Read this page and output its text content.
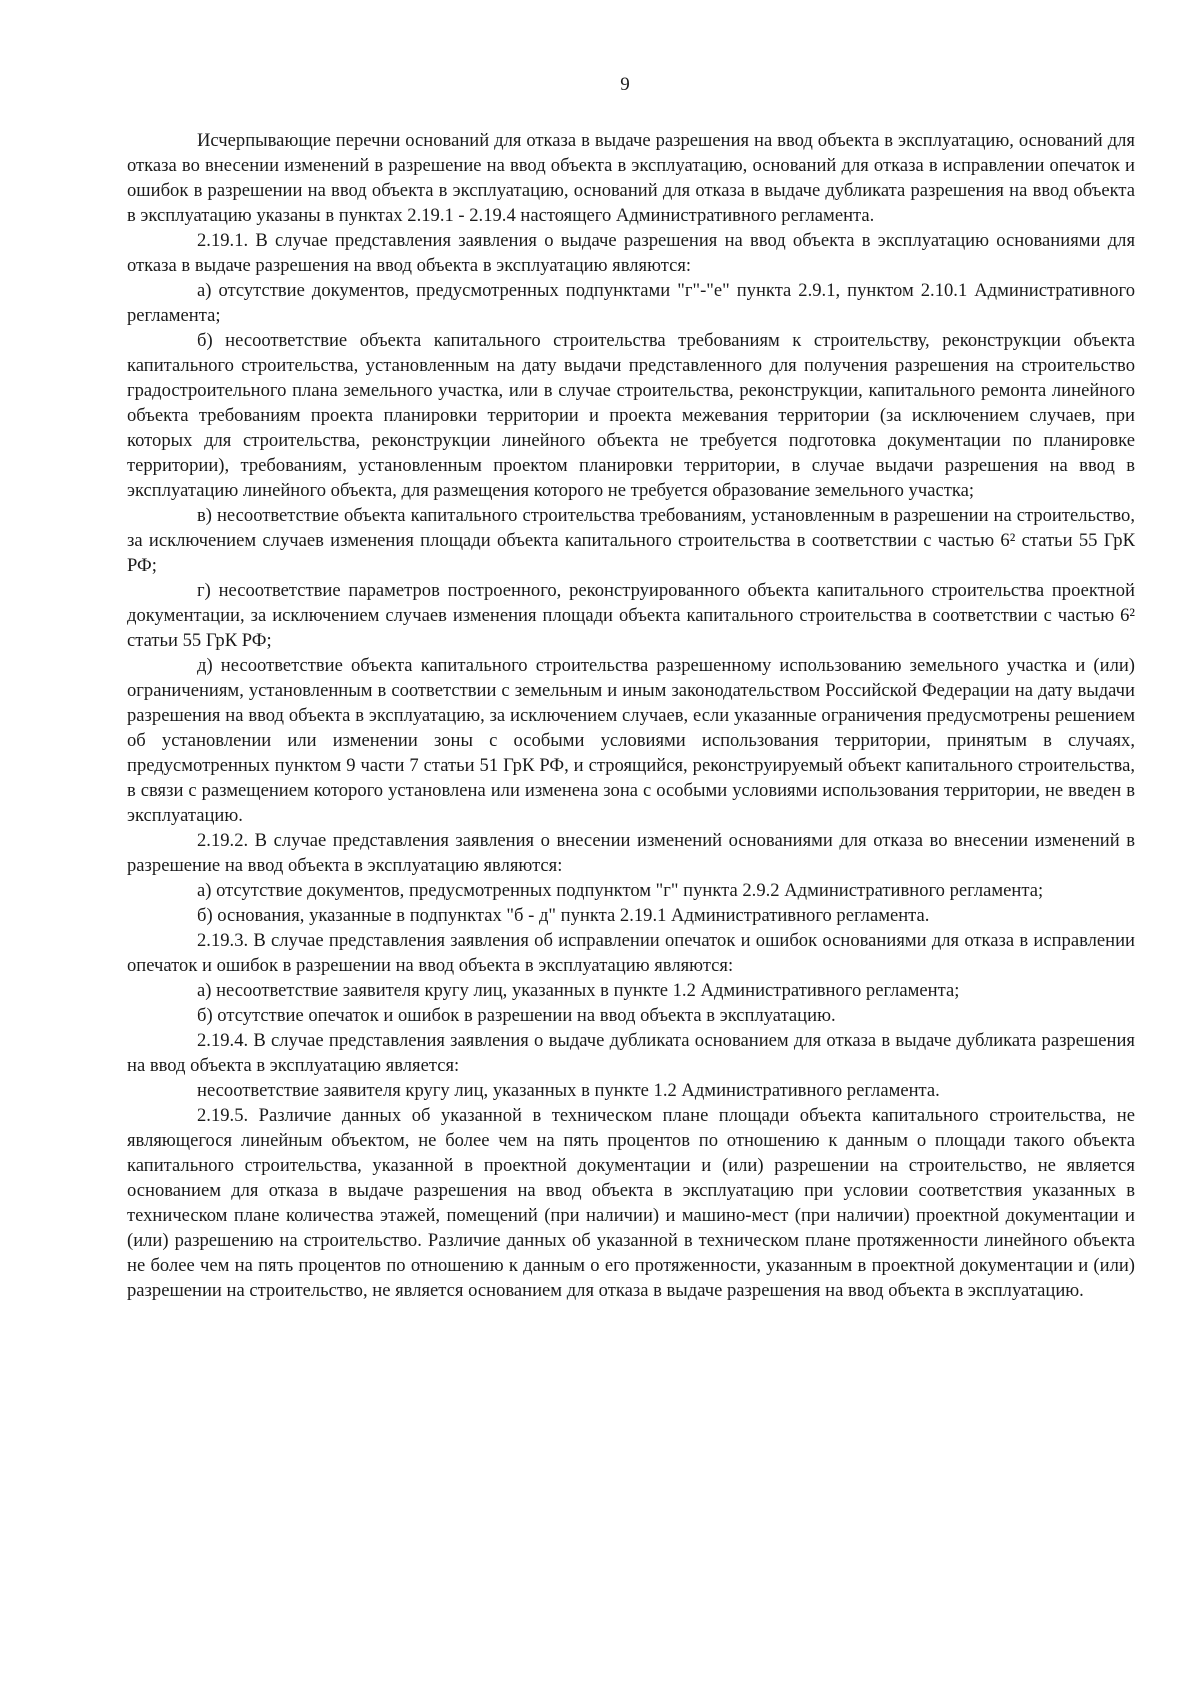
9

Исчерпывающие перечни оснований для отказа в выдаче разрешения на ввод объекта в эксплуатацию, оснований для отказа во внесении изменений в разрешение на ввод объекта в эксплуатацию, оснований для отказа в исправлении опечаток и ошибок в разрешении на ввод объекта в эксплуатацию, оснований для отказа в выдаче дубликата разрешения на ввод объекта в эксплуатацию указаны в пунктах 2.19.1 - 2.19.4 настоящего Административного регламента.

2.19.1. В случае представления заявления о выдаче разрешения на ввод объекта в эксплуатацию основаниями для отказа в выдаче разрешения на ввод объекта в эксплуатацию являются:

а) отсутствие документов, предусмотренных подпунктами "г"-"е" пункта 2.9.1, пунктом 2.10.1 Административного регламента;

б) несоответствие объекта капитального строительства требованиям к строительству, реконструкции объекта капитального строительства, установленным на дату выдачи представленного для получения разрешения на строительство градостроительного плана земельного участка, или в случае строительства, реконструкции, капитального ремонта линейного объекта требованиям проекта планировки территории и проекта межевания территории (за исключением случаев, при которых для строительства, реконструкции линейного объекта не требуется подготовка документации по планировке территории), требованиям, установленным проектом планировки территории, в случае выдачи разрешения на ввод в эксплуатацию линейного объекта, для размещения которого не требуется образование земельного участка;

в) несоответствие объекта капитального строительства требованиям, установленным в разрешении на строительство, за исключением случаев изменения площади объекта капитального строительства в соответствии с частью 6² статьи 55 ГрК РФ;

г) несоответствие параметров построенного, реконструированного объекта капитального строительства проектной документации, за исключением случаев изменения площади объекта капитального строительства в соответствии с частью 6² статьи 55 ГрК РФ;

д) несоответствие объекта капитального строительства разрешенному использованию земельного участка и (или) ограничениям, установленным в соответствии с земельным и иным законодательством Российской Федерации на дату выдачи разрешения на ввод объекта в эксплуатацию, за исключением случаев, если указанные ограничения предусмотрены решением об установлении или изменении зоны с особыми условиями использования территории, принятым в случаях, предусмотренных пунктом 9 части 7 статьи 51 ГрК РФ, и строящийся, реконструируемый объект капитального строительства, в связи с размещением которого установлена или изменена зона с особыми условиями использования территории, не введен в эксплуатацию.

2.19.2. В случае представления заявления о внесении изменений основаниями для отказа во внесении изменений в разрешение на ввод объекта в эксплуатацию являются:

а) отсутствие документов, предусмотренных подпунктом "г" пункта 2.9.2 Административного регламента;

б) основания, указанные в подпунктах "б - д" пункта 2.19.1 Административного регламента.

2.19.3. В случае представления заявления об исправлении опечаток и ошибок основаниями для отказа в исправлении опечаток и ошибок в разрешении на ввод объекта в эксплуатацию являются:

а) несоответствие заявителя кругу лиц, указанных в пункте 1.2 Административного регламента;

б) отсутствие опечаток и ошибок в разрешении на ввод объекта в эксплуатацию.

2.19.4. В случае представления заявления о выдаче дубликата основанием для отказа в выдаче дубликата разрешения на ввод объекта в эксплуатацию является:

несоответствие заявителя кругу лиц, указанных в пункте 1.2 Административного регламента.

2.19.5. Различие данных об указанной в техническом плане площади объекта капитального строительства, не являющегося линейным объектом, не более чем на пять процентов по отношению к данным о площади такого объекта капитального строительства, указанной в проектной документации и (или) разрешении на строительство, не является основанием для отказа в выдаче разрешения на ввод объекта в эксплуатацию при условии соответствия указанных в техническом плане количества этажей, помещений (при наличии) и машино-мест (при наличии) проектной документации и (или) разрешению на строительство. Различие данных об указанной в техническом плане протяженности линейного объекта не более чем на пять процентов по отношению к данным о его протяженности, указанным в проектной документации и (или) разрешении на строительство, не является основанием для отказа в выдаче разрешения на ввод объекта в эксплуатацию.
